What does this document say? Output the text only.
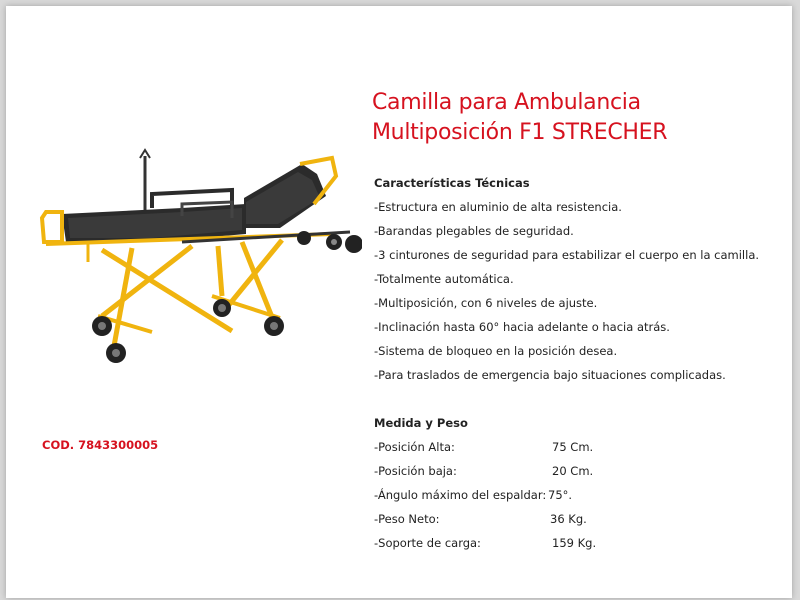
Camilla para Ambulancia
Multiposición F1 STRECHER
COD. 7843300005
Características Técnicas
-Estructura en aluminio de alta resistencia.
-Barandas plegables de seguridad.
-3 cinturones de seguridad para estabilizar el cuerpo en la camilla.
-Totalmente automática.
-Multiposición, con 6 niveles de ajuste.
-Inclinación hasta 60° hacia adelante o hacia atrás.
-Sistema de bloqueo en la posición desea.
-Para traslados de emergencia bajo situaciones complicadas.
Medida y Peso
-Posición Alta:	75 Cm.
-Posición baja:	20 Cm.
-Ángulo máximo del espaldar: 75°.
-Peso Neto:	36 Kg.
-Soporte de carga:	159 Kg.
